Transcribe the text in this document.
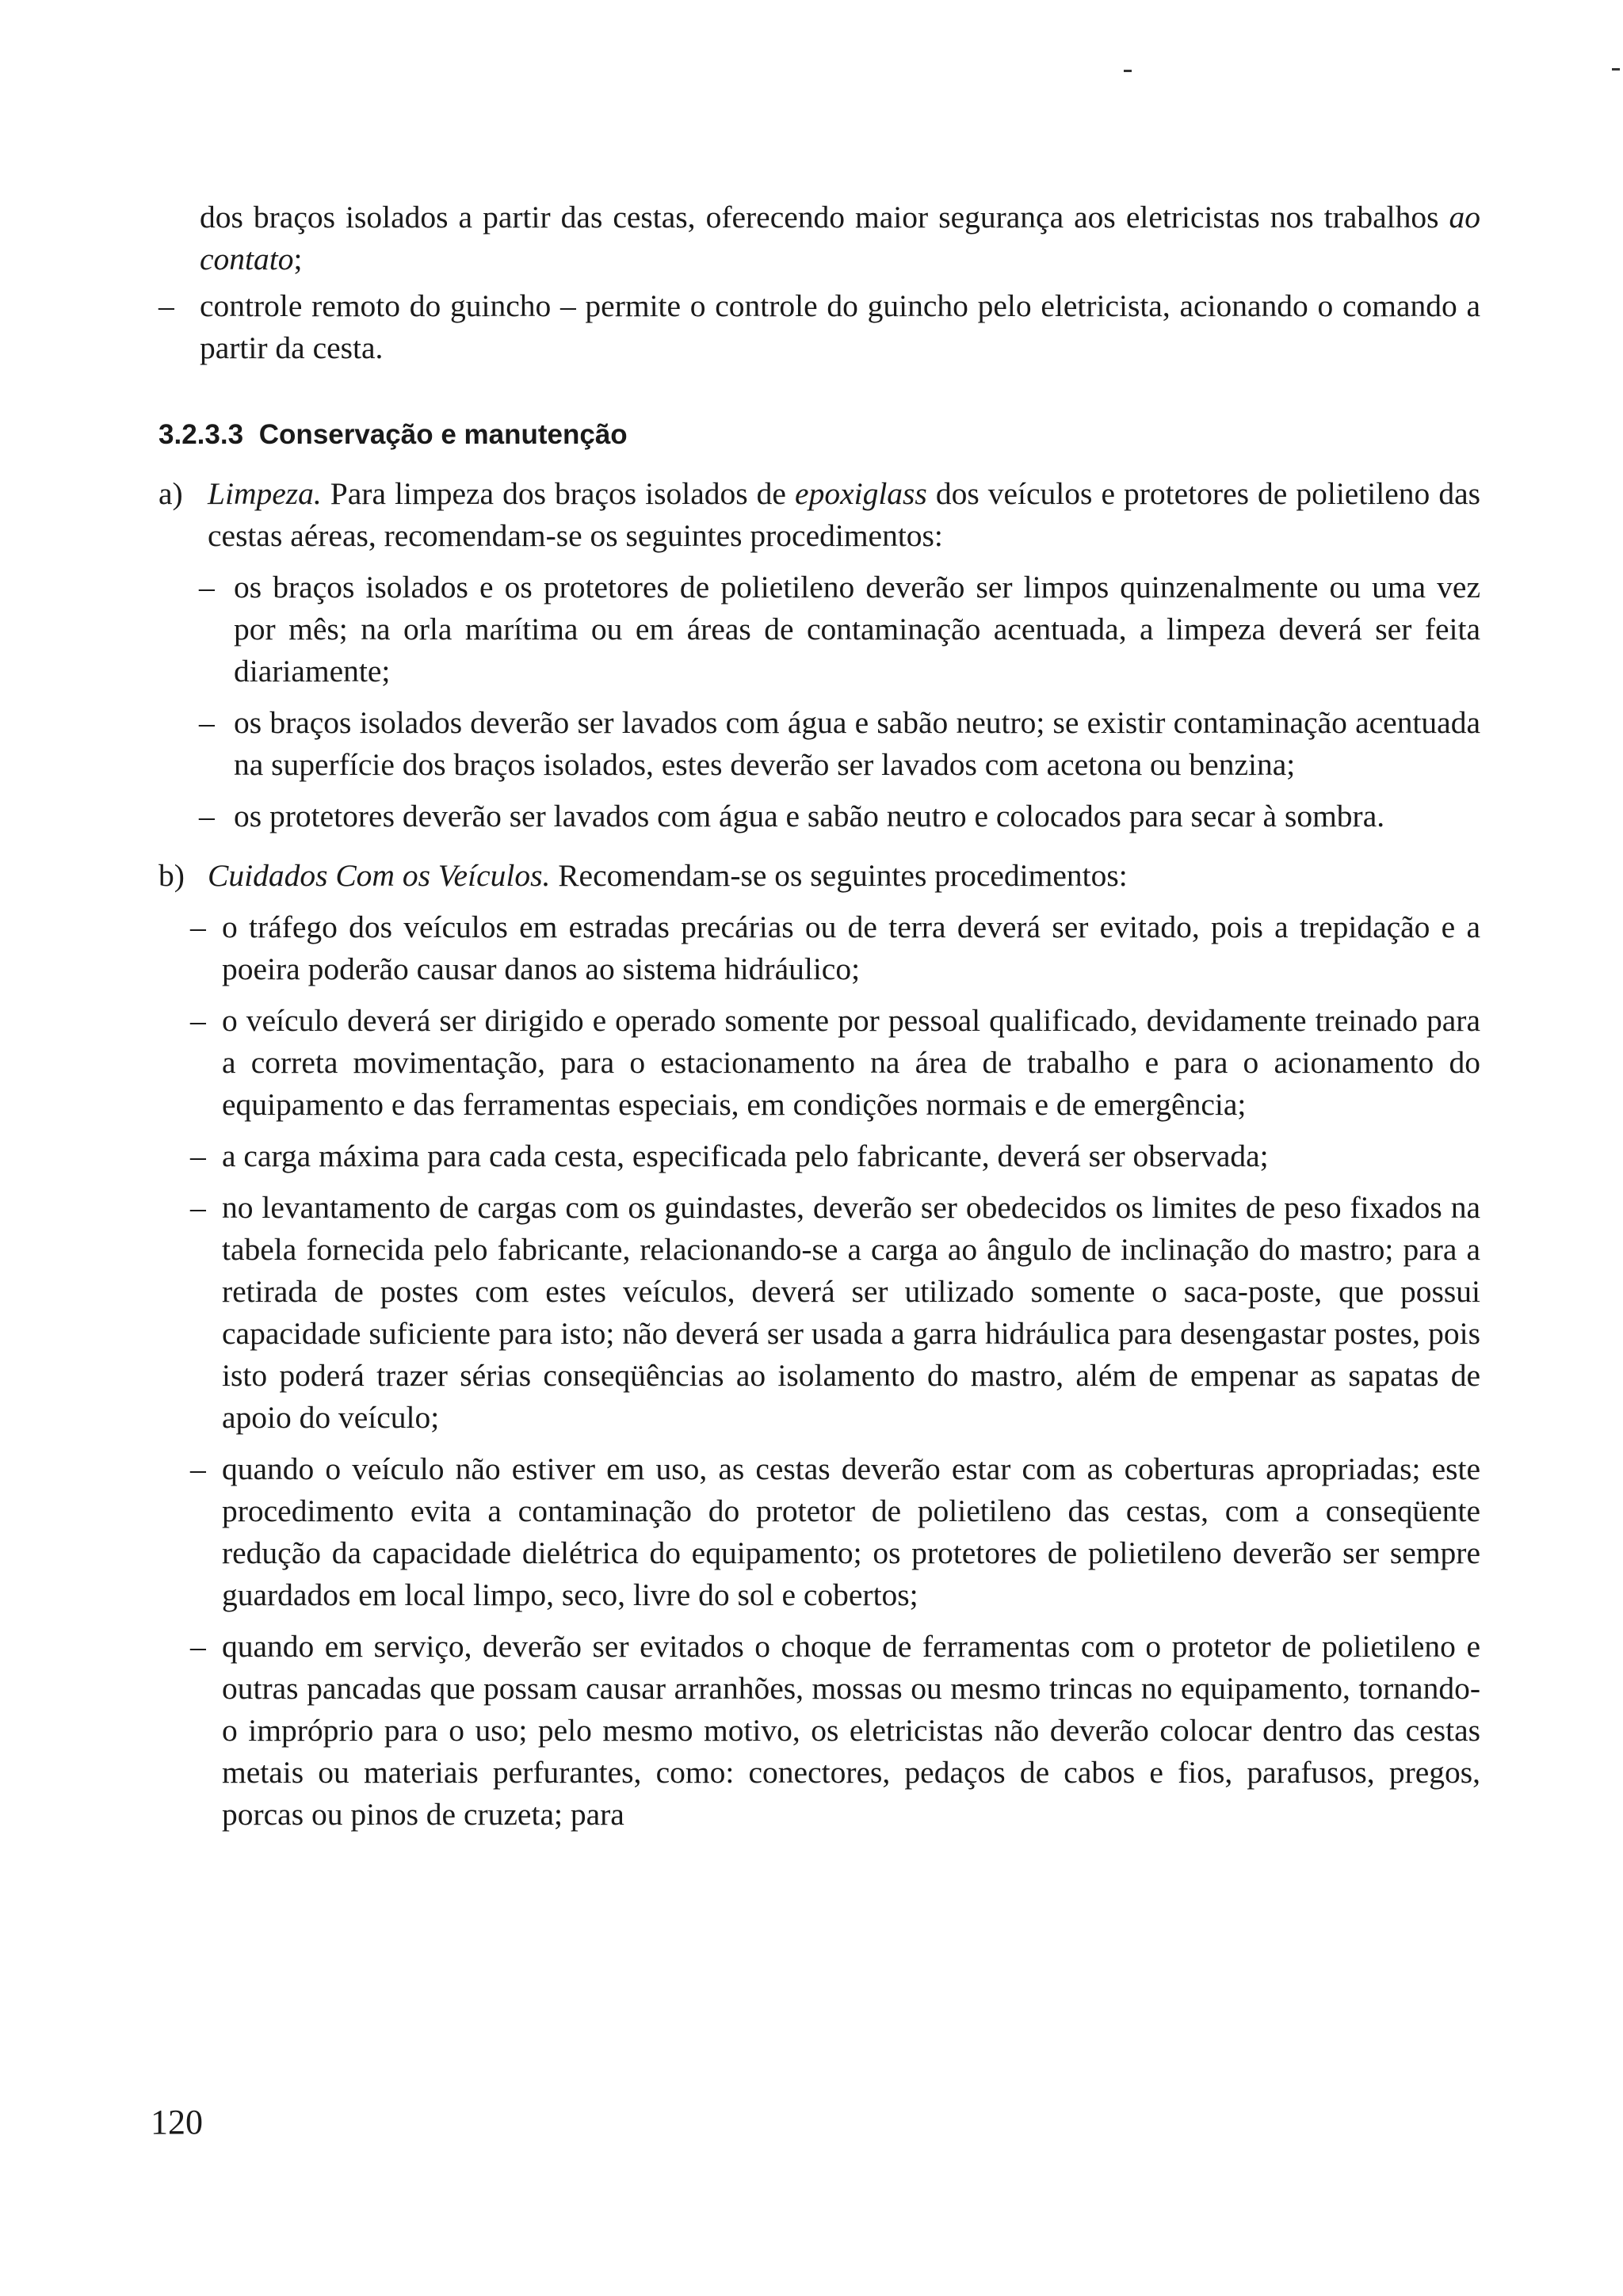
dos braços isolados a partir das cestas, oferecendo maior segurança aos eletricistas nos trabalhos ao contato;
– controle remoto do guincho – permite o controle do guincho pelo eletricista, acionando o comando a partir da cesta.
3.2.3.3 Conservação e manutenção
a) Limpeza. Para limpeza dos braços isolados de epoxiglass dos veículos e protetores de polietileno das cestas aéreas, recomendam-se os seguintes procedimentos:
– os braços isolados e os protetores de polietileno deverão ser limpos quinzenalmente ou uma vez por mês; na orla marítima ou em áreas de contaminação acentuada, a limpeza deverá ser feita diariamente;
– os braços isolados deverão ser lavados com água e sabão neutro; se existir contaminação acentuada na superfície dos braços isolados, estes deverão ser lavados com acetona ou benzina;
– os protetores deverão ser lavados com água e sabão neutro e colocados para secar à sombra.
b) Cuidados Com os Veículos. Recomendam-se os seguintes procedimentos:
– o tráfego dos veículos em estradas precárias ou de terra deverá ser evitado, pois a trepidação e a poeira poderão causar danos ao sistema hidráulico;
– o veículo deverá ser dirigido e operado somente por pessoal qualificado, devidamente treinado para a correta movimentação, para o estacionamento na área de trabalho e para o acionamento do equipamento e das ferramentas especiais, em condições normais e de emergência;
– a carga máxima para cada cesta, especificada pelo fabricante, deverá ser observada;
– no levantamento de cargas com os guindastes, deverão ser obedecidos os limites de peso fixados na tabela fornecida pelo fabricante, relacionando-se a carga ao ângulo de inclinação do mastro; para a retirada de postes com estes veículos, deverá ser utilizado somente o saca-poste, que possui capacidade suficiente para isto; não deverá ser usada a garra hidráulica para desengastar postes, pois isto poderá trazer sérias conseqüências ao isolamento do mastro, além de empenar as sapatas de apoio do veículo;
– quando o veículo não estiver em uso, as cestas deverão estar com as coberturas apropriadas; este procedimento evita a contaminação do protetor de polietileno das cestas, com a conseqüente redução da capacidade dielétrica do equipamento; os protetores de polietileno deverão ser sempre guardados em local limpo, seco, livre do sol e cobertos;
– quando em serviço, deverão ser evitados o choque de ferramentas com o protetor de polietileno e outras pancadas que possam causar arranhões, mossas ou mesmo trincas no equipamento, tornando-o impróprio para o uso; pelo mesmo motivo, os eletricistas não deverão colocar dentro das cestas metais ou materiais perfurantes, como: conectores, pedaços de cabos e fios, parafusos, pregos, porcas ou pinos de cruzeta; para
120
